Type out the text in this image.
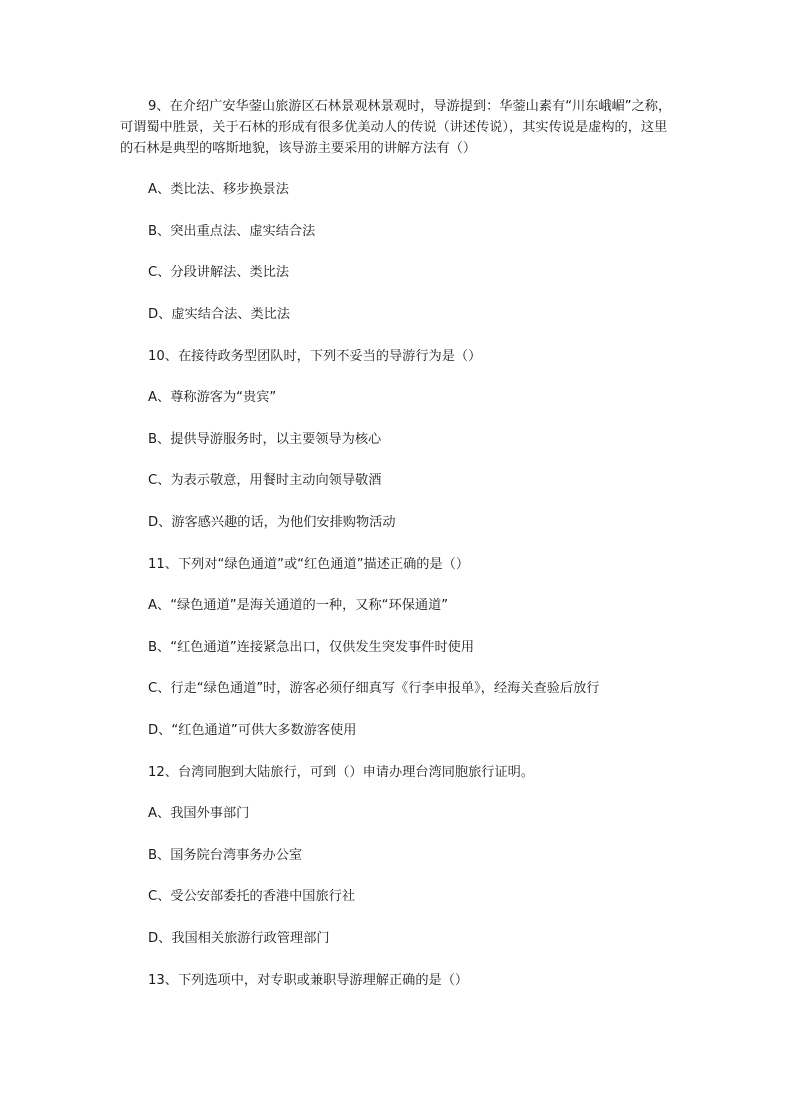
9、在介绍广安华蓥山旅游区石林景观林景观时，导游提到：华蓥山素有“川东峨嵋”之称，可谓蜀中胜景，关于石林的形成有很多优美动人的传说（讲述传说），其实传说是虚构的，这里的石林是典型的喀斯地貌，该导游主要采用的讲解方法有（）
A、类比法、移步换景法
B、突出重点法、虚实结合法
C、分段讲解法、类比法
D、虚实结合法、类比法
10、在接待政务型团队时，下列不妥当的导游行为是（）
A、尊称游客为“贵宾”
B、提供导游服务时，以主要领导为核心
C、为表示敬意，用餐时主动向领导敬酒
D、游客感兴趣的话，为他们安排购物活动
11、下列对“绿色通道”或“红色通道”描述正确的是（）
A、“绿色通道”是海关通道的一种，又称“环保通道”
B、“红色通道”连接紧急出口，仅供发生突发事件时使用
C、行走“绿色通道”时，游客必须仔细真写《行李申报单》，经海关查验后放行
D、“红色通道”可供大多数游客使用
12、台湾同胞到大陆旅行，可到（）申请办理台湾同胞旅行证明。
A、我国外事部门
B、国务院台湾事务办公室
C、受公安部委托的香港中国旅行社
D、我国相关旅游行政管理部门
13、下列选项中，对专职或兼职导游理解正确的是（）
